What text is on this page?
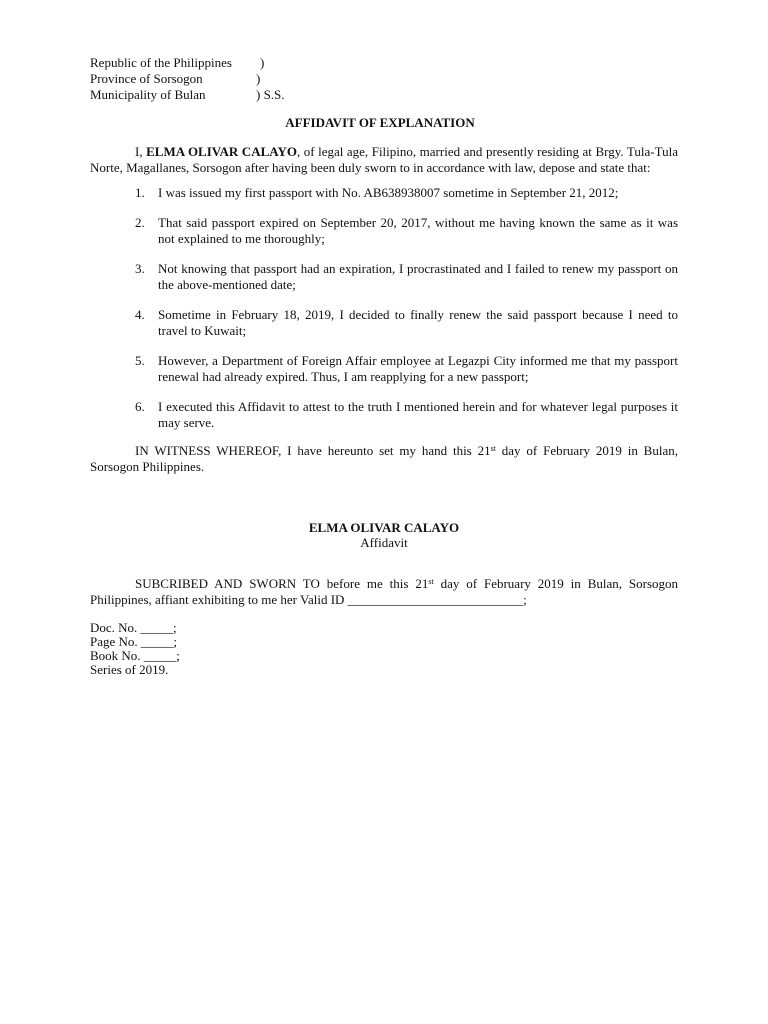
Republic of the Philippines )
Province of Sorsogon	)
Municipality of Bulan	) S.S.
AFFIDAVIT OF EXPLANATION

I, ELMA OLIVAR CALAYO, of legal age, Filipino, married and presently residing at Brgy. Tula-Tula Norte, Magallanes, Sorsogon after having been duly sworn to in accordance with law, depose and state that:

1. I was issued my first passport with No. AB638938007 sometime in September 21, 2012;
2. That said passport expired on September 20, 2017, without me having known the same as it was not explained to me thoroughly;
3. Not knowing that passport had an expiration, I procrastinated and I failed to renew my passport on the above-mentioned date;
4. Sometime in February 18, 2019, I decided to finally renew the said passport because I need to travel to Kuwait;
5. However, a Department of Foreign Affair employee at Legazpi City informed me that my passport renewal had already expired. Thus, I am reapplying for a new passport;
6. I executed this Affidavit to attest to the truth I mentioned herein and for whatever legal purposes it may serve.

IN WITNESS WHEREOF, I have hereunto set my hand this 21st day of February 2019 in Bulan, Sorsogon Philippines.

ELMA OLIVAR CALAYO
Affidavit

SUBCRIBED AND SWORN TO before me this 21st day of February 2019 in Bulan, Sorsogon Philippines, affiant exhibiting to me her Valid ID ___________________________;

Doc. No. _____;
Page No. _____;
Book No. _____;
Series of 2019.
